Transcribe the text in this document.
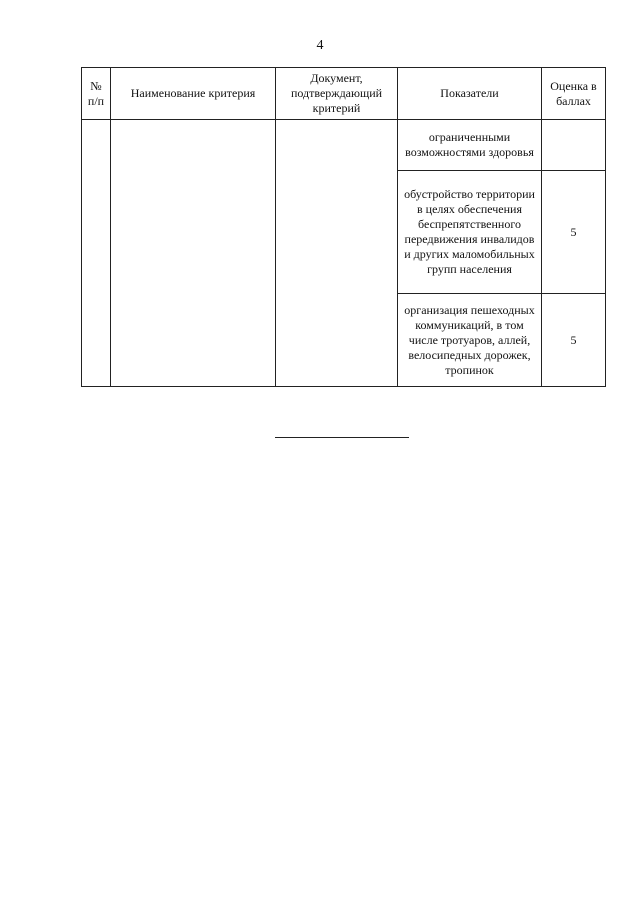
4
№ п/п	Наименование критерия	Документ, подтверждающий критерий	Показатели	Оценка в баллах
			ограниченными возможностями здоровья	
			обустройство территории в целях обеспечения беспрепятственного передвижения инвалидов и других маломобильных групп населения	5
			организация пешеходных коммуникаций, в том числе тротуаров, аллей, велосипедных дорожек, тропинок	5
